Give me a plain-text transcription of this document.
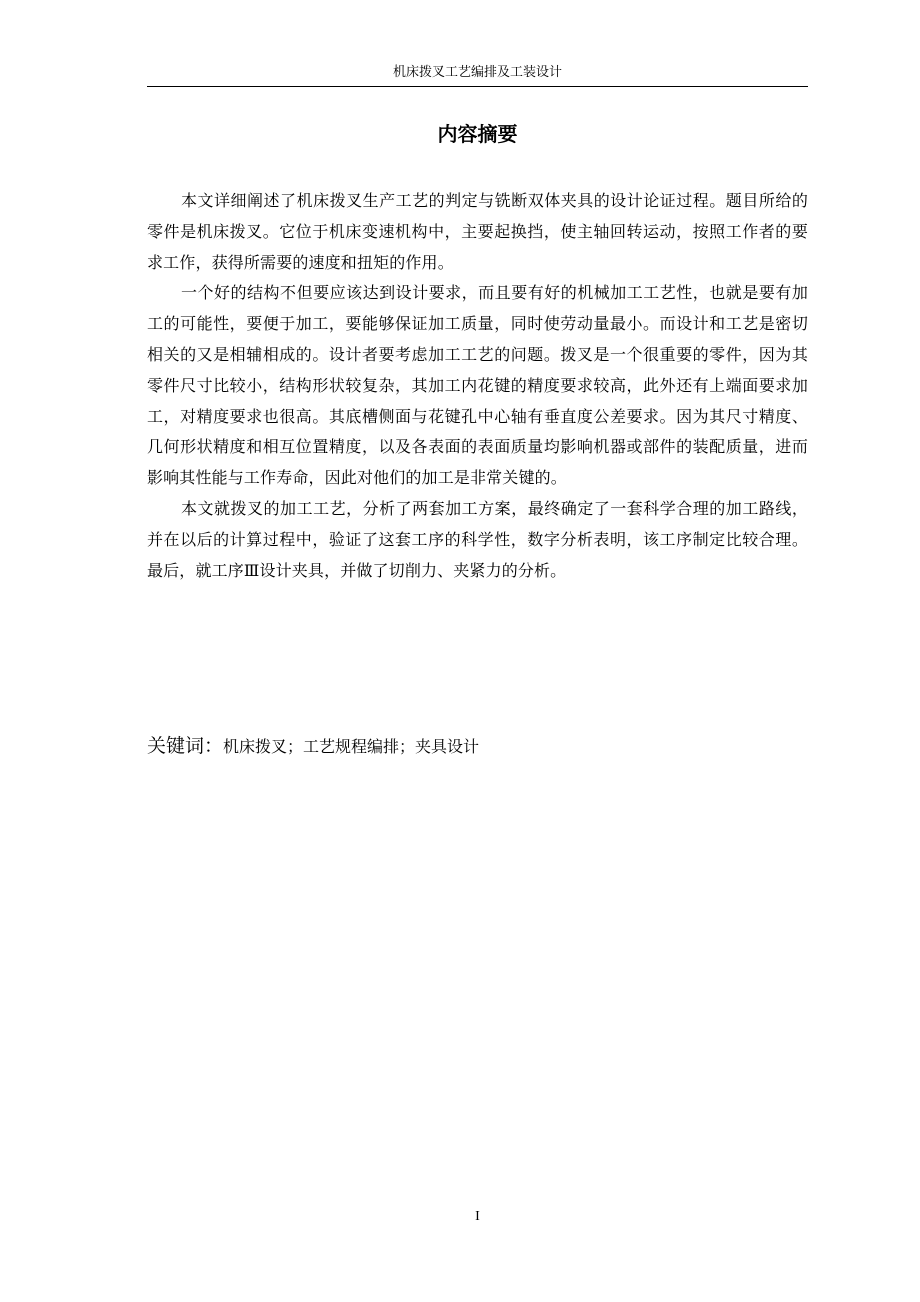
机床拨叉工艺编排及工装设计
内容摘要

本文详细阐述了机床拨叉生产工艺的判定与铣断双体夹具的设计论证过程。题目所给的零件是机床拨叉。它位于机床变速机构中，主要起换挡，使主轴回转运动，按照工作者的要求工作，获得所需要的速度和扭矩的作用。

一个好的结构不但要应该达到设计要求，而且要有好的机械加工工艺性，也就是要有加工的可能性，要便于加工，要能够保证加工质量，同时使劳动量最小。而设计和工艺是密切相关的又是相辅相成的。设计者要考虑加工工艺的问题。拨叉是一个很重要的零件，因为其零件尺寸比较小，结构形状较复杂，其加工内花键的精度要求较高，此外还有上端面要求加工，对精度要求也很高。其底槽侧面与花键孔中心轴有垂直度公差要求。因为其尺寸精度、几何形状精度和相互位置精度，以及各表面的表面质量均影响机器或部件的装配质量，进而影响其性能与工作寿命，因此对他们的加工是非常关键的。

本文就拨叉的加工工艺，分析了两套加工方案，最终确定了一套科学合理的加工路线，并在以后的计算过程中，验证了这套工序的科学性，数字分析表明，该工序制定比较合理。最后，就工序Ⅲ设计夹具，并做了切削力、夹紧力的分析。

关键词：机床拨叉；工艺规程编排；夹具设计
I
